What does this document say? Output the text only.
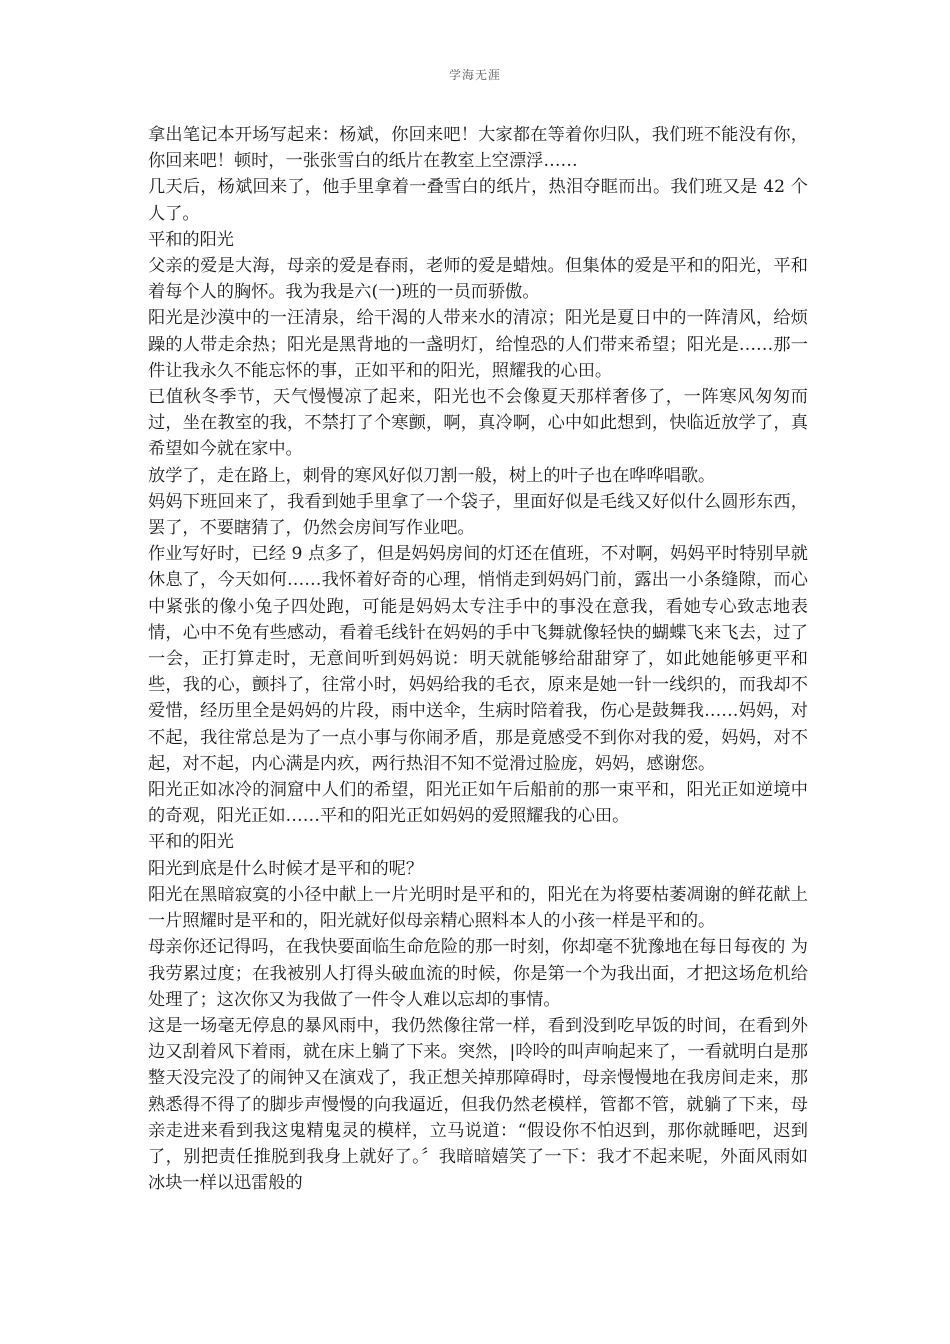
学海无涯

拿出笔记本开场写起来：杨斌，你回来吧！大家都在等着你归队，我们班不能没有你，你回来吧！顿时，一张张雪白的纸片在教室上空漂浮……

几天后，杨斌回来了，他手里拿着一叠雪白的纸片，热泪夺眶而出。我们班又是 42 个人了。

平和的阳光

父亲的爱是大海，母亲的爱是春雨，老师的爱是蜡烛。但集体的爱是平和的阳光，平和着每个人的胸怀。我为我是六(一)班的一员而骄傲。

阳光是沙漠中的一汪清泉，给干渴的人带来水的清凉；阳光是夏日中的一阵清风，给烦躁的人带走余热；阳光是黑背地的一盏明灯，给惶恐的人们带来希望；阳光是……那一件让我永久不能忘怀的事，正如平和的阳光，照耀我的心田。

已值秋冬季节，天气慢慢凉了起来，阳光也不会像夏天那样奢侈了，一阵寒风匆匆而过，坐在教室的我，不禁打了个寒颤，啊，真冷啊，心中如此想到，快临近放学了，真希望如今就在家中。

放学了，走在路上，刺骨的寒风好似刀割一般，树上的叶子也在哗哗唱歌。

妈妈下班回来了，我看到她手里拿了一个袋子，里面好似是毛线又好似什么圆形东西，罢了，不要瞎猜了，仍然会房间写作业吧。

作业写好时，已经 9 点多了，但是妈妈房间的灯还在值班，不对啊，妈妈平时特别早就休息了，今天如何……我怀着好奇的心理，悄悄走到妈妈门前，露出一小条缝隙，而心中紧张的像小兔子四处跑，可能是妈妈太专注手中的事没在意我，看她专心致志地表情，心中不免有些感动，看着毛线针在妈妈的手中飞舞就像轻快的蝴蝶飞来飞去，过了一会，正打算走时，无意间听到妈妈说：明天就能够给甜甜穿了，如此她能够更平和些，我的心，颤抖了，往常小时，妈妈给我的毛衣，原来是她一针一线织的，而我却不爱惜，经历里全是妈妈的片段，雨中送伞，生病时陪着我，伤心是鼓舞我……妈妈，对不起，我往常总是为了一点小事与你闹矛盾，那是竟感受不到你对我的爱，妈妈，对不起，对不起，内心满是内疚，两行热泪不知不觉滑过脸庞，妈妈，感谢您。

阳光正如冰冷的洞窟中人们的希望，阳光正如午后船前的那一束平和，阳光正如逆境中的奇观，阳光正如……平和的阳光正如妈妈的爱照耀我的心田。

平和的阳光

阳光到底是什么时候才是平和的呢？

阳光在黑暗寂寞的小径中献上一片光明时是平和的，阳光在为将要枯萎凋谢的鲜花献上一片照耀时是平和的，阳光就好似母亲精心照料本人的小孩一样是平和的。

母亲你还记得吗，在我快要面临生命危险的那一时刻，你却毫不犹豫地在每日每夜的 为我劳累过度；在我被别人打得头破血流的时候，你是第一个为我出面，才把这场危机给处理了；这次你又为我做了一件令人难以忘却的事情。

这是一场毫无停息的暴风雨中，我仍然像往常一样，看到没到吃早饭的时间，在看到外边又刮着风下着雨，就在床上躺了下来。突然，|呤呤的叫声响起来了，一看就明白是那整天没完没了的闹钟又在演戏了，我正想关掉那障碍时，母亲慢慢地在我房间走来，那熟悉得不得了的脚步声慢慢的向我逼近，但我仍然老模样，管都不管，就躺了下来，母亲走进来看到我这鬼精鬼灵的模样，立马说道：“假设你不怕迟到，那你就睡吧，迟到了，别把责任推脱到我身上就好了。〞我暗暗嬉笑了一下：我才不起来呢，外面风雨如冰块一样以迅雷般的
